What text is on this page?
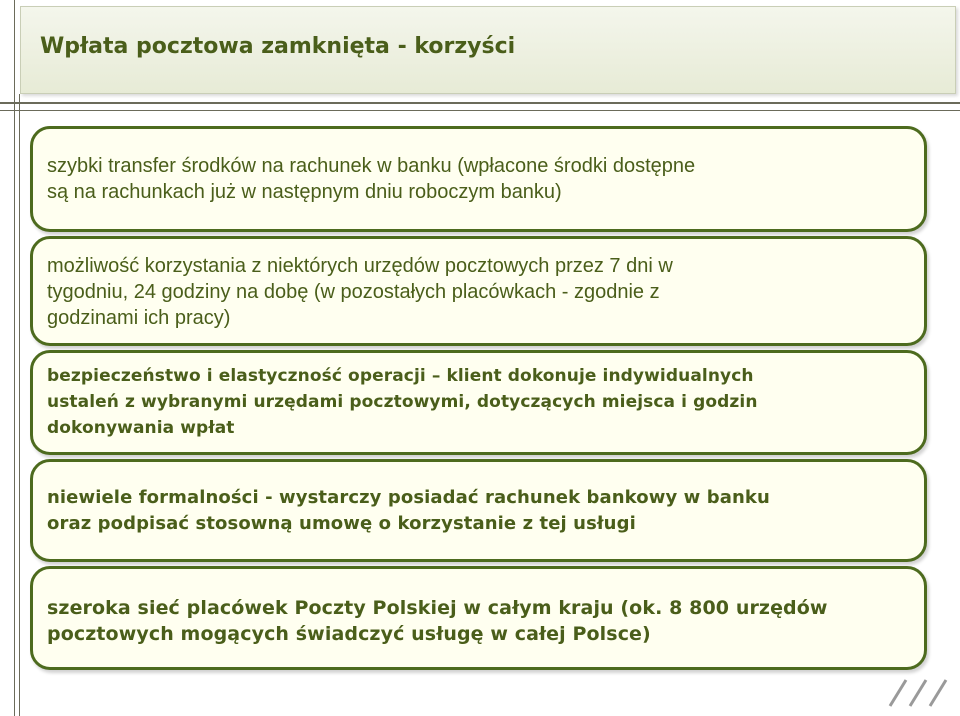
Wpłata pocztowa zamknięta - korzyści

szybki transfer środków na rachunek w banku (wpłacone środki dostępne
są na rachunkach już w następnym dniu roboczym banku)

możliwość korzystania z niektórych urzędów pocztowych przez 7 dni w
tygodniu, 24 godziny na dobę (w pozostałych placówkach - zgodnie z
godzinami ich pracy)

bezpieczeństwo i elastyczność operacji – klient dokonuje indywidualnych
ustaleń z wybranymi urzędami pocztowymi, dotyczących miejsca i godzin
dokonywania wpłat

niewiele formalności - wystarczy posiadać rachunek bankowy w banku
oraz podpisać stosowną umowę o korzystanie z tej usługi

szeroka sieć placówek Poczty Polskiej w całym kraju (ok. 8 800 urzędów
pocztowych mogących świadczyć usługę w całej Polsce)
